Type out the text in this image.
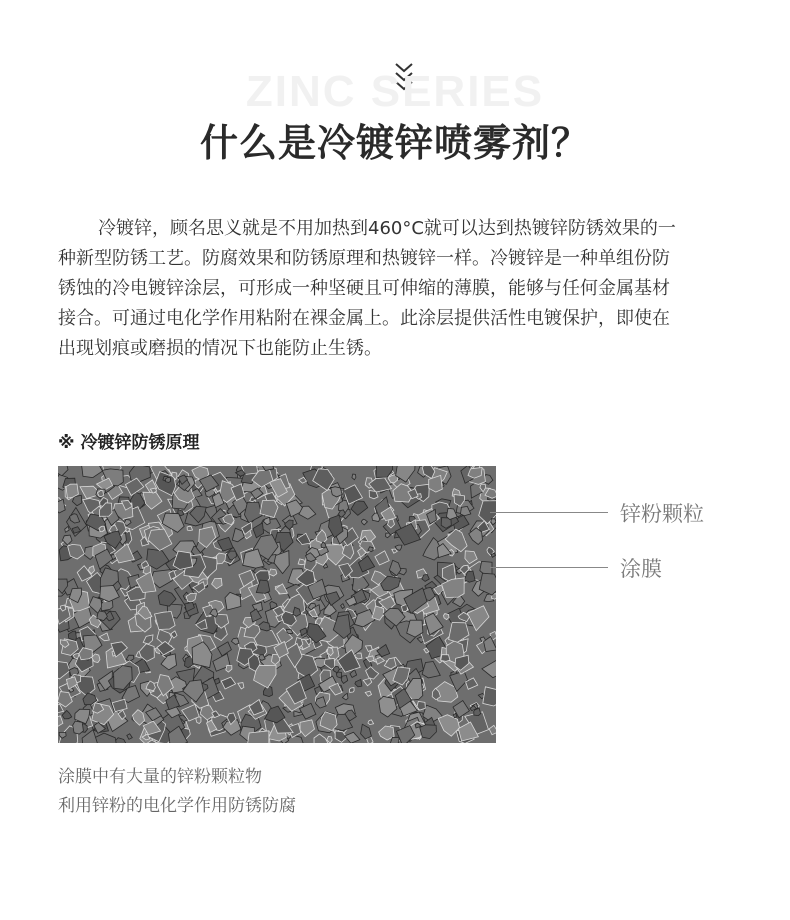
ZINC SERIES
什么是冷镀锌喷雾剂？
冷镀锌，顾名思义就是不用加热到460°C就可以达到热镀锌防锈效果的一
种新型防锈工艺。防腐效果和防锈原理和热镀锌一样。冷镀锌是一种单组份防
锈蚀的冷电镀锌涂层，可形成一种坚硬且可伸缩的薄膜，能够与任何金属基材
接合。可通过电化学作用粘附在裸金属上。此涂层提供活性电镀保护，即使在
出现划痕或磨损的情况下也能防止生锈。
※ 冷镀锌防锈原理
锌粉颗粒
涂膜
涂膜中有大量的锌粉颗粒物
利用锌粉的电化学作用防锈防腐
